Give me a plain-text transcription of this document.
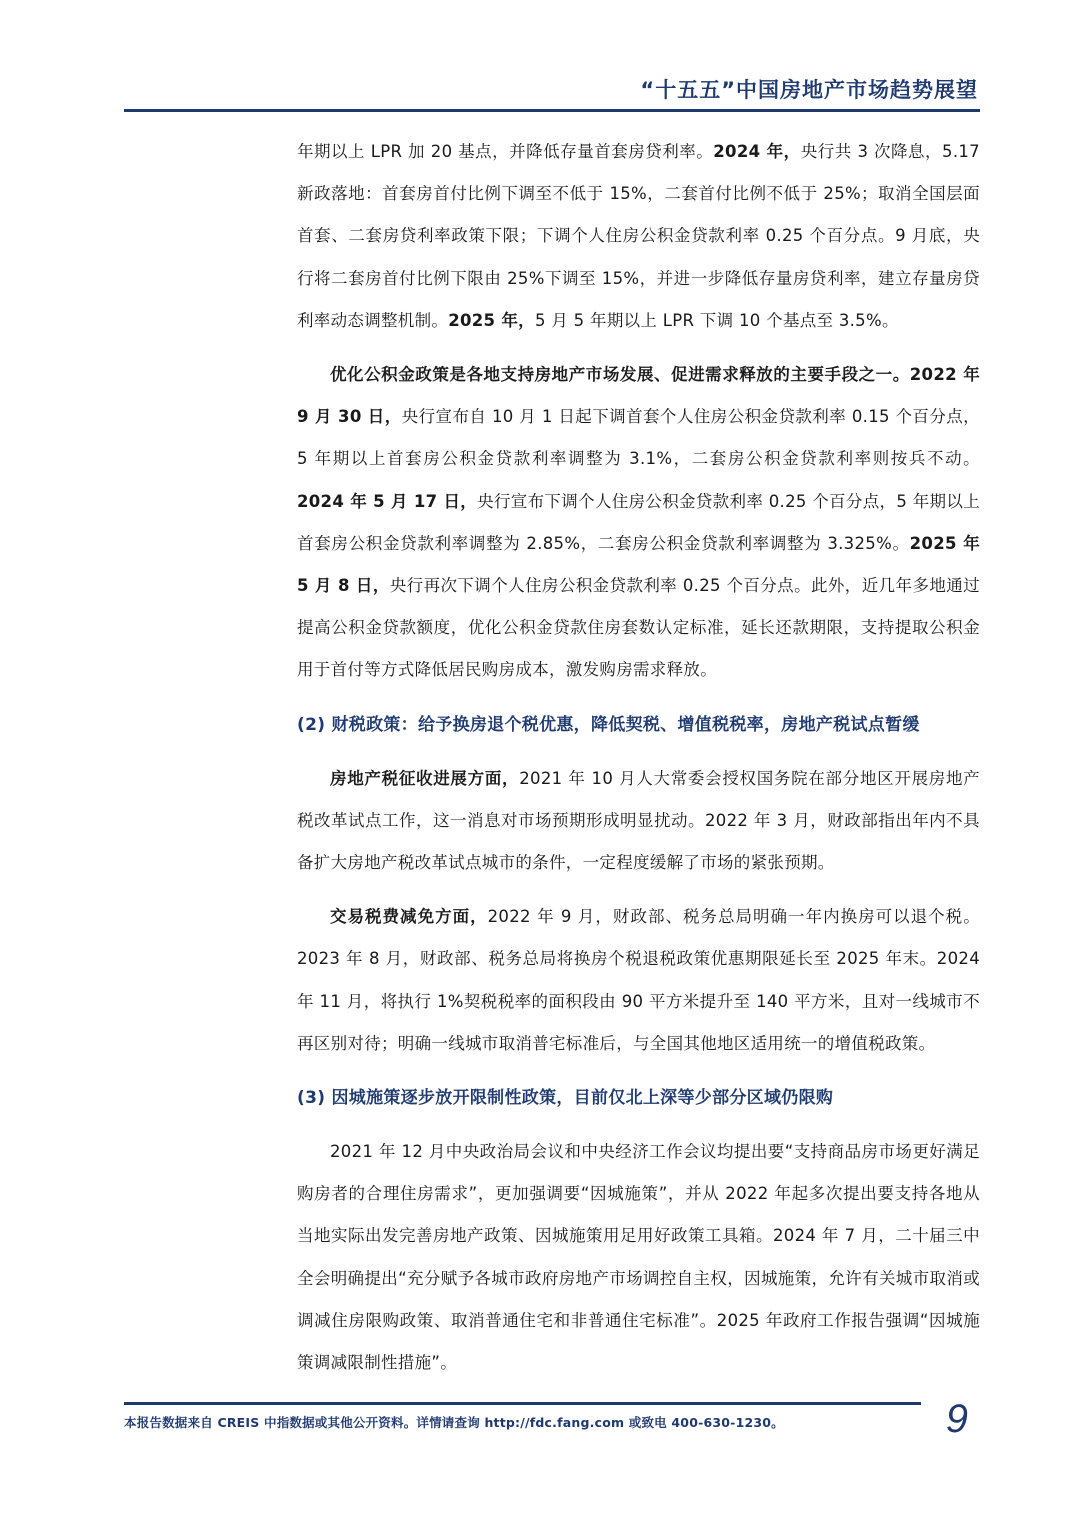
“十五五”中国房地产市场趋势展望

年期以上 LPR 加 20 基点，并降低存量首套房贷利率。2024 年，央行共 3 次降息，5.17 新政落地：首套房首付比例下调至不低于 15%，二套首付比例不低于 25%；取消全国层面首套、二套房贷利率政策下限；下调个人住房公积金贷款利率 0.25 个百分点。9 月底，央行将二套房首付比例下限由 25%下调至 15%，并进一步降低存量房贷利率，建立存量房贷利率动态调整机制。2025 年，5 月 5 年期以上 LPR 下调 10 个基点至 3.5%。

优化公积金政策是各地支持房地产市场发展、促进需求释放的主要手段之一。2022 年 9 月 30 日，央行宣布自 10 月 1 日起下调首套个人住房公积金贷款利率 0.15 个百分点，5 年期以上首套房公积金贷款利率调整为 3.1%，二套房公积金贷款利率则按兵不动。2024 年 5 月 17 日，央行宣布下调个人住房公积金贷款利率 0.25 个百分点，5 年期以上首套房公积金贷款利率调整为 2.85%，二套房公积金贷款利率调整为 3.325%。2025 年 5 月 8 日，央行再次下调个人住房公积金贷款利率 0.25 个百分点。此外，近几年多地通过提高公积金贷款额度，优化公积金贷款住房套数认定标准，延长还款期限，支持提取公积金用于首付等方式降低居民购房成本，激发购房需求释放。

(2) 财税政策：给予换房退个税优惠，降低契税、增值税税率，房地产税试点暂缓

房地产税征收进展方面，2021 年 10 月人大常委会授权国务院在部分地区开展房地产税改革试点工作，这一消息对市场预期形成明显扰动。2022 年 3 月，财政部指出年内不具备扩大房地产税改革试点城市的条件，一定程度缓解了市场的紧张预期。

交易税费减免方面，2022 年 9 月，财政部、税务总局明确一年内换房可以退个税。2023 年 8 月，财政部、税务总局将换房个税退税政策优惠期限延长至 2025 年末。2024 年 11 月，将执行 1%契税税率的面积段由 90 平方米提升至 140 平方米，且对一线城市不再区别对待；明确一线城市取消普宅标准后，与全国其他地区适用统一的增值税政策。

(3) 因城施策逐步放开限制性政策，目前仅北上深等少部分区域仍限购

2021 年 12 月中央政治局会议和中央经济工作会议均提出要“支持商品房市场更好满足购房者的合理住房需求”，更加强调要“因城施策”，并从 2022 年起多次提出要支持各地从当地实际出发完善房地产政策、因城施策用足用好政策工具箱。2024 年 7 月，二十届三中全会明确提出“充分赋予各城市政府房地产市场调控自主权，因城施策，允许有关城市取消或调减住房限购政策、取消普通住宅和非普通住宅标准”。2025 年政府工作报告强调“因城施策调减限制性措施”。

本报告数据来自 CREIS 中指数据或其他公开资料。详情请查询 http://fdc.fang.com 或致电 400-630-1230。	9
